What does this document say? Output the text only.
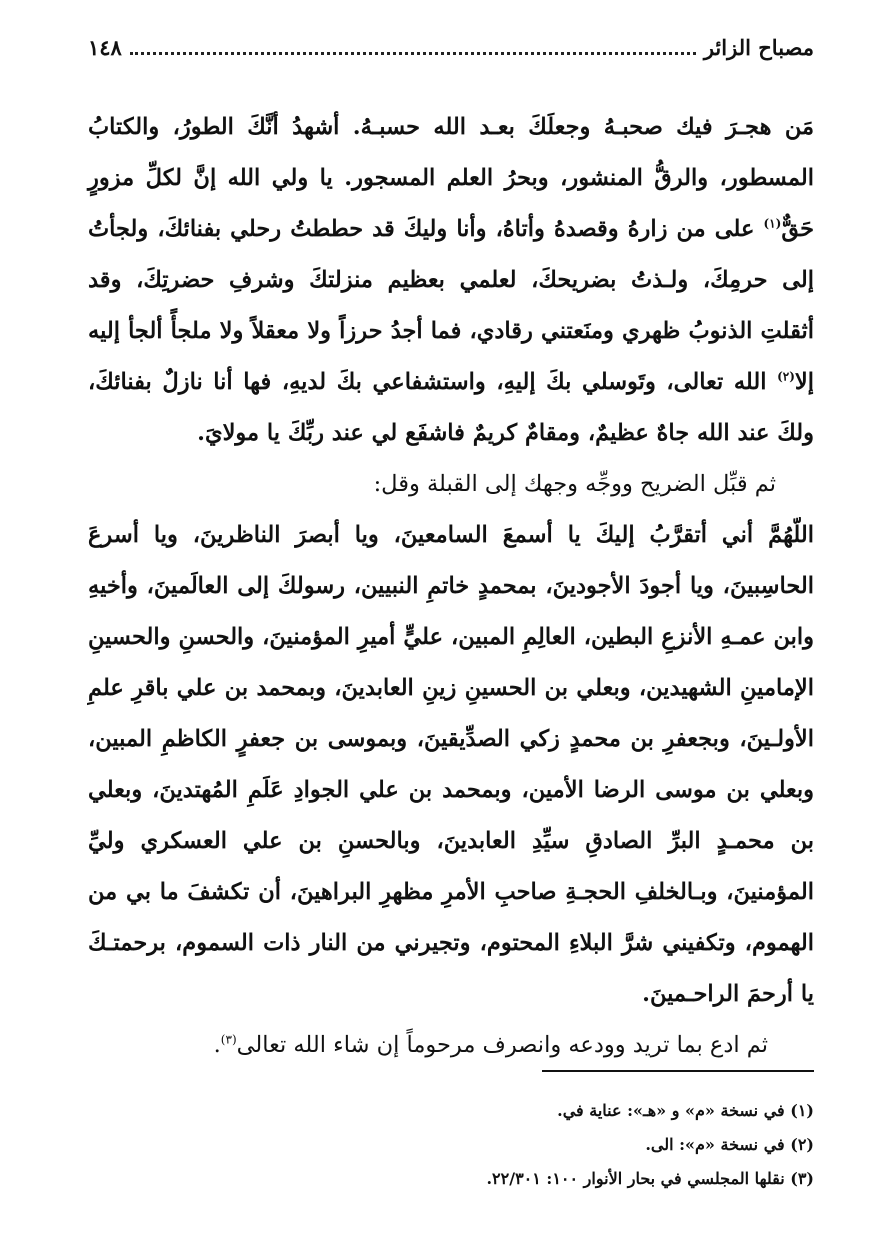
مصباح الزائر
١٤٨

مَن هجـرَ فيك صحبـهُ وجعلَكَ بعـد الله حسبـهُ. أشهدُ أنَّكَ الطورُ، والكتابُ المسطور، والرقُّ المنشور، وبحرُ العلم المسجور. يا ولي الله إنَّ لكلِّ مزورٍ حَقٌّ$^{(١)}$ على من زارهُ وقصدهُ وأتاهُ، وأنا وليكَ قد حططتُ رحلي بفنائكَ، ولجأتُ إلى حرمِكَ، ولـذتُ بضريحكَ، لعلمي بعظيم منزلتكَ وشرفِ حضرتِكَ، وقد أثقلتِ الذنوبُ ظهري ومنَعتني رقادي، فما أجدُ حرزاً ولا معقلاً ولا ملجأً ألجأ إليه إلا$^{(٢)}$ الله تعالى، وتَوسلي بكَ إليهِ، واستشفاعي بكَ لديهِ، فها أنا نازلٌ بفنائكَ، ولكَ عند الله جاهٌ عظيمٌ، ومقامٌ كريمٌ فاشفَع لي عند ربِّكَ يا مولايَ.

ثم قبِّل الضريح ووجِّه وجهك إلى القبلة وقل:

اللّهُمَّ أني أتقرَّبُ إليكَ يا أسمعَ السامعينَ، ويا أبصرَ الناظرينَ، ويا أسرعَ الحاسِبينَ، ويا أجودَ الأجودينَ، بمحمدٍ خاتمِ النبيين، رسولكَ إلى العالَمينَ، وأخيهِ وابن عمـهِ الأنزعِ البطين، العالِمِ المبين، عليٍّ أميرِ المؤمنينَ، والحسنِ والحسينِ الإمامينِ الشهيدين، وبعلي بن الحسينِ زينِ العابدينَ، وبمحمد بن علي باقرِ علمِ الأولـينَ، وبجعفرِ بن محمدٍ زكي الصدِّيقينَ، وبموسى بن جعفرٍ الكاظمِ المبين، وبعلي بن موسى الرضا الأمين، وبمحمد بن علي الجوادِ عَلَمِ المُهتدينَ، وبعلي بن محمـدٍ البرِّ الصادقِ سيِّدِ العابدينَ، وبالحسنِ بن علي العسكري وليِّ المؤمنينَ، وبـالخلفِ الحجـةِ صاحبِ الأمرِ مظهرِ البراهينَ، أن تكشفَ ما بي من الهموم، وتكفيني شرَّ البلاءِ المحتوم، وتجيرني من النار ذات السموم، برحمتـكَ يا أرحمَ الراحـمينَ.

ثم ادع بما تريد وودعه وانصرف مرحوماً إن شاء الله تعالى$^{(٣)}$.

(١) في نسخة «م» و «هـ»: عناية في.

(٢) في نسخة «م»: الى.

(٣) نقلها المجلسي في بحار الأنوار ١٠٠: ٢٢/٣٠١.
